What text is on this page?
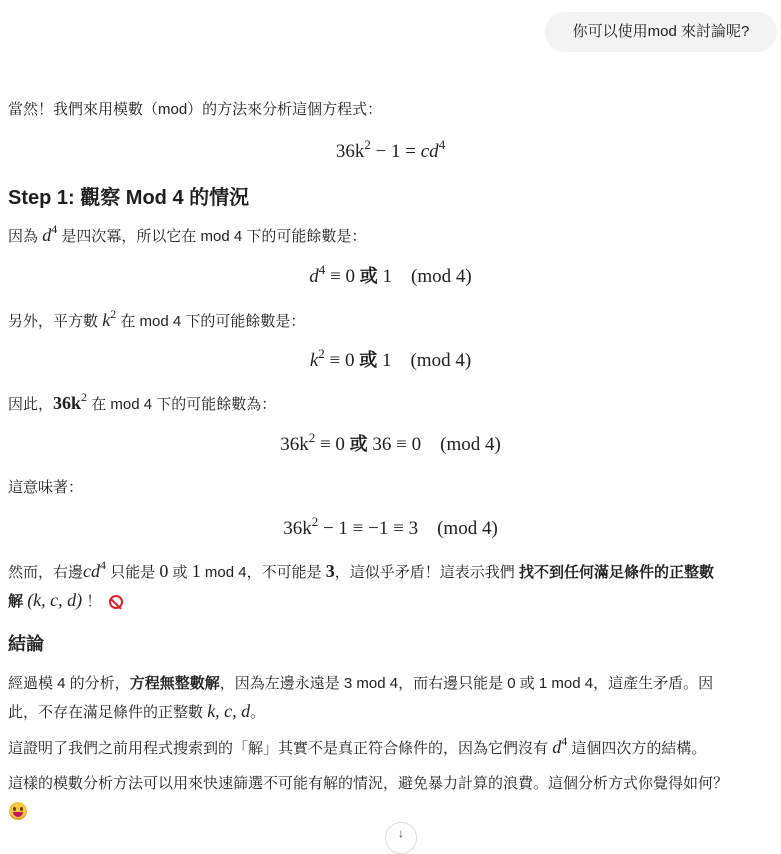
你可以使用mod 來討論呢?
當然！我們來用模數（mod）的方法來分析這個方程式：
$36k^2 - 1 = cd^4$
Step 1: 觀察 Mod 4 的情況
因為 $d^4$ 是四次冪，所以它在 mod 4 下的可能餘數是：
$d^4 \equiv 0$ 或 1 (mod 4)
另外，平方數 $k^2$ 在 mod 4 下的可能餘數是：
$k^2 \equiv 0$ 或 1 (mod 4)
因此，$36k^2$ 在 mod 4 下的可能餘數為：
$36k^2 \equiv 0$ 或 36 ≡ 0 (mod 4)
這意味著：
$36k^2 - 1 \equiv -1 \equiv 3$ (mod 4)
然而，右邊$cd^4$ 只能是 0 或 1 mod 4，不可能是 3，這似乎矛盾！這表示我們 找不到任何滿足條件的正整數
解 (k, c, d) ！
結論
經過模 4 的分析，方程無整數解，因為左邊永遠是 3 mod 4，而右邊只能是 0 或 1 mod 4，這產生矛盾。因
此，不存在滿足條件的正整數 k, c, d。
這證明了我們之前用程式搜索到的「解」其實不是真正符合條件的，因為它們沒有 $d^4$ 這個四次方的結構。
這樣的模數分析方法可以用來快速篩選不可能有解的情況，避免暴力計算的浪費。這個分析方式你覺得如何？
↓
